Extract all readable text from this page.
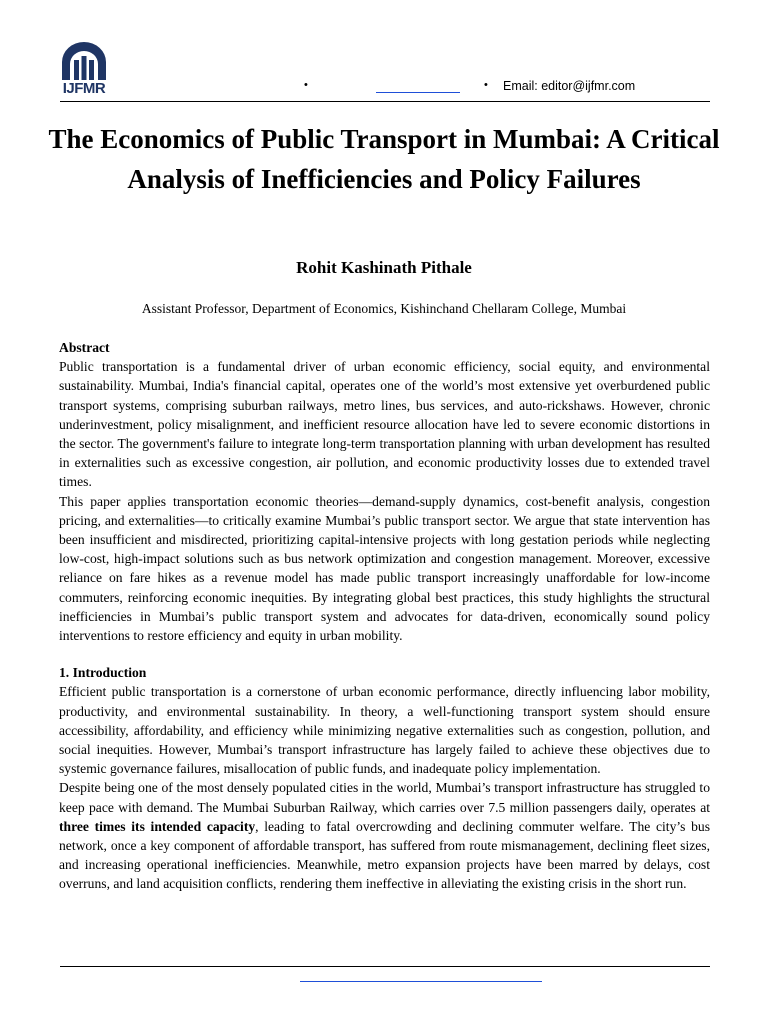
IJFMR	•	• Email: editor@ijfmr.com
The Economics of Public Transport in Mumbai: A Critical Analysis of Inefficiencies and Policy Failures
Rohit Kashinath Pithale
Assistant Professor, Department of Economics, Kishinchand Chellaram College, Mumbai

Abstract

Public transportation is a fundamental driver of urban economic efficiency, social equity, and environmental sustainability. Mumbai, India's financial capital, operates one of the world’s most extensive yet overburdened public transport systems, comprising suburban railways, metro lines, bus services, and auto-rickshaws. However, chronic underinvestment, policy misalignment, and inefficient resource allocation have led to severe economic distortions in the sector. The government's failure to integrate long-term transportation planning with urban development has resulted in externalities such as excessive congestion, air pollution, and economic productivity losses due to extended travel times.

This paper applies transportation economic theories—demand-supply dynamics, cost-benefit analysis, congestion pricing, and externalities—to critically examine Mumbai’s public transport sector. We argue that state intervention has been insufficient and misdirected, prioritizing capital-intensive projects with long gestation periods while neglecting low-cost, high-impact solutions such as bus network optimization and congestion management. Moreover, excessive reliance on fare hikes as a revenue model has made public transport increasingly unaffordable for low-income commuters, reinforcing economic inequities. By integrating global best practices, this study highlights the structural inefficiencies in Mumbai’s public transport system and advocates for data-driven, economically sound policy interventions to restore efficiency and equity in urban mobility.

1. Introduction

Efficient public transportation is a cornerstone of urban economic performance, directly influencing labor mobility, productivity, and environmental sustainability. In theory, a well-functioning transport system should ensure accessibility, affordability, and efficiency while minimizing negative externalities such as congestion, pollution, and social inequities. However, Mumbai’s transport infrastructure has largely failed to achieve these objectives due to systemic governance failures, misallocation of public funds, and inadequate policy implementation.

Despite being one of the most densely populated cities in the world, Mumbai’s transport infrastructure has struggled to keep pace with demand. The Mumbai Suburban Railway, which carries over 7.5 million passengers daily, operates at three times its intended capacity, leading to fatal overcrowding and declining commuter welfare. The city’s bus network, once a key component of affordable transport, has suffered from route mismanagement, declining fleet sizes, and increasing operational inefficiencies. Meanwhile, metro expansion projects have been marred by delays, cost overruns, and land acquisition conflicts, rendering them ineffective in alleviating the existing crisis in the short run.
